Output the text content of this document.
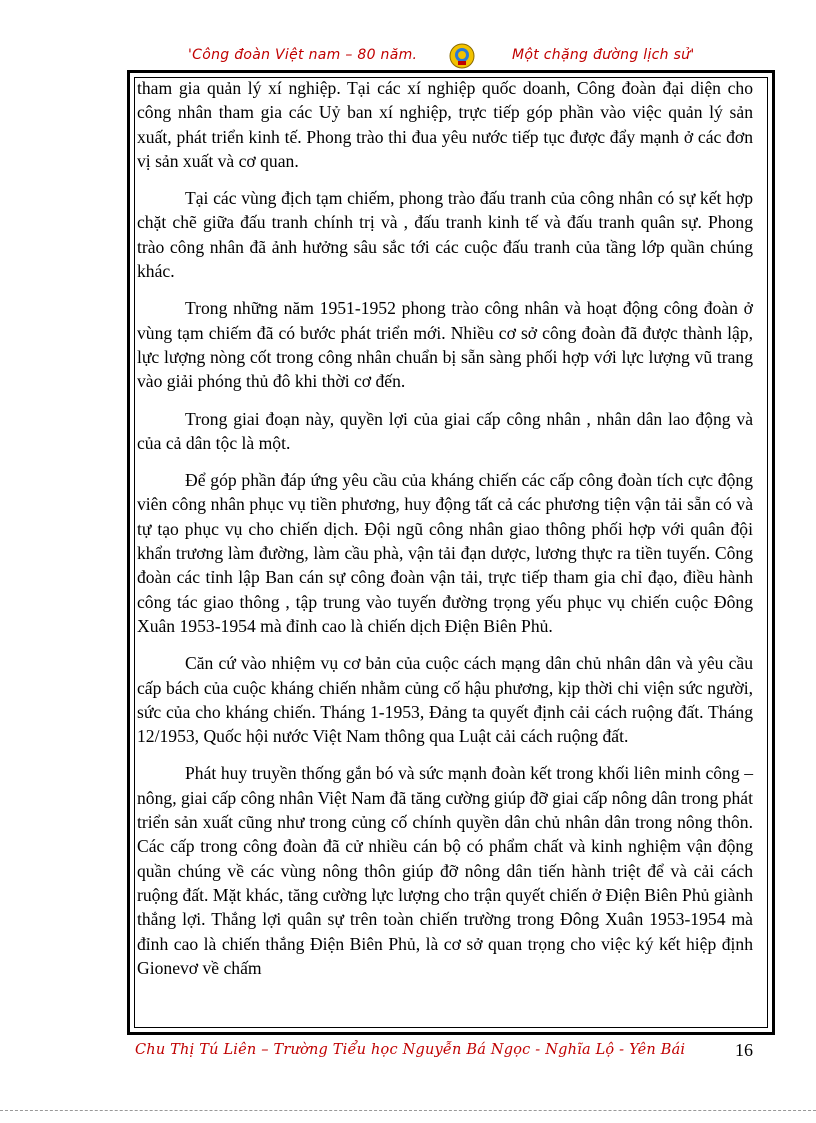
'Công đoàn Việt nam – 80 năm.	Một chặng đường lịch sử'

tham gia quản lý xí nghiệp. Tại các xí nghiệp quốc doanh, Công đoàn đại diện cho công nhân tham gia các Uỷ ban xí nghiệp, trực tiếp góp phần vào việc quản lý sản xuất, phát triển kinh tế. Phong trào thi đua yêu nước tiếp tục được đẩy mạnh ở các đơn vị sản xuất và cơ quan.

Tại các vùng địch tạm chiếm, phong trào đấu tranh của công nhân có sự kết hợp chặt chẽ giữa đấu tranh chính trị và , đấu tranh kinh tế và đấu tranh quân sự. Phong trào công nhân đã ảnh hưởng sâu sắc tới các cuộc đấu tranh của tầng lớp quần chúng khác.

Trong những năm 1951-1952 phong trào công nhân và hoạt động công đoàn ở vùng tạm chiếm đã có bước phát triển mới. Nhiều cơ sở công đoàn đã được thành lập, lực lượng nòng cốt trong công nhân chuẩn bị sẵn sàng phối hợp với lực lượng vũ trang vào giải phóng thủ đô khi thời cơ đến.

Trong giai đoạn này, quyền lợi của giai cấp công nhân , nhân dân lao động và của cả dân tộc là một.

Để góp phần đáp ứng yêu cầu của kháng chiến các cấp công đoàn tích cực động viên công nhân phục vụ tiền phương, huy động tất cả các phương tiện vận tải sẵn có và tự tạo phục vụ cho chiến dịch. Đội ngũ công nhân giao thông phối hợp với quân đội khẩn trương làm đường, làm cầu phà, vận tải đạn dược, lương thực ra tiền tuyến. Công đoàn các tỉnh lập Ban cán sự công đoàn vận tải, trực tiếp tham gia chỉ đạo, điều hành công tác giao thông , tập trung vào tuyến đường trọng yếu phục vụ chiến cuộc Đông Xuân 1953-1954 mà đỉnh cao là chiến dịch Điện Biên Phủ.

Căn cứ vào nhiệm vụ cơ bản của cuộc cách mạng dân chủ nhân dân và yêu cầu cấp bách của cuộc kháng chiến nhằm củng cố hậu phương, kịp thời chi viện sức người, sức của cho kháng chiến. Tháng 1-1953, Đảng ta quyết định cải cách ruộng đất. Tháng 12/1953, Quốc hội nước Việt Nam thông qua Luật cải cách ruộng đất.

Phát huy truyền thống gắn bó và sức mạnh đoàn kết trong khối liên minh công – nông, giai cấp công nhân Việt Nam đã tăng cường giúp đỡ giai cấp nông dân trong phát triển sản xuất cũng như trong củng cố chính quyền dân chủ nhân dân trong nông thôn. Các cấp trong công đoàn đã cử nhiều cán bộ có phẩm chất và kinh nghiệm vận động quần chúng về các vùng nông thôn giúp đỡ nông dân tiến hành triệt để và cải cách ruộng đất. Mặt khác, tăng cường lực lượng cho trận quyết chiến ở Điện Biên Phủ giành thắng lợi. Thắng lợi quân sự trên toàn chiến trường trong Đông Xuân 1953-1954 mà đỉnh cao là chiến thắng Điện Biên Phủ, là cơ sở quan trọng cho việc ký kết hiệp định Gionevơ về chấm

Chu Thị Tú Liên – Trường Tiểu học Nguyễn Bá Ngọc - Nghĩa Lộ - Yên Bái	16
